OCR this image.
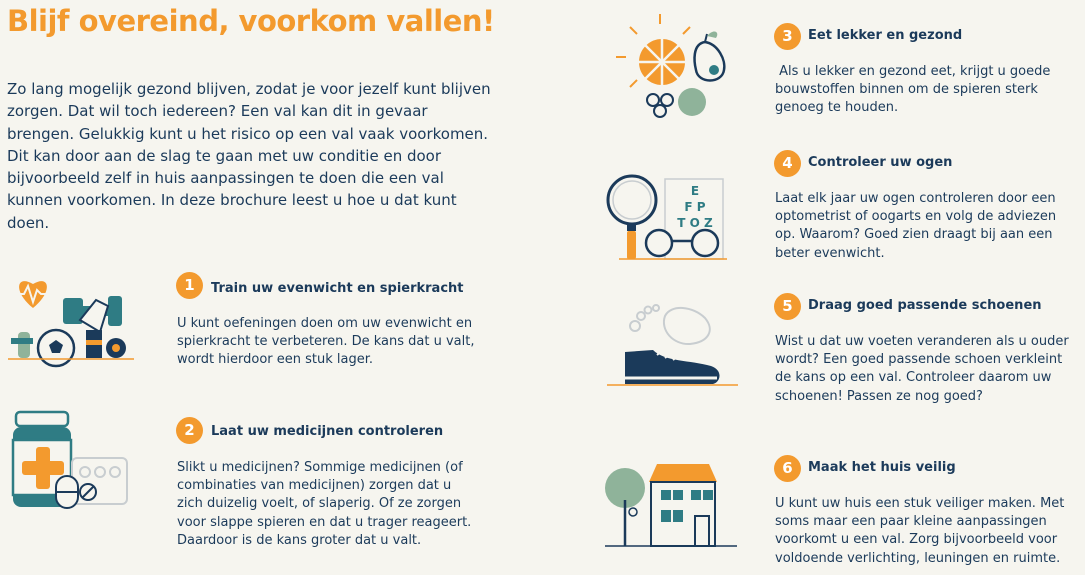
Blijf overeind, voorkom vallen!

Zo lang mogelijk gezond blijven, zodat je voor jezelf kunt blijven zorgen. Dat wil toch iedereen? Een val kan dit in gevaar brengen. Gelukkig kunt u het risico op een val vaak voorkomen. Dit kan door aan de slag te gaan met uw conditie en door bijvoorbeeld zelf in huis aanpassingen te doen die een val kunnen voorkomen. In deze brochure leest u hoe u dat kunt doen.

1	Train uw evenwicht en spierkracht

U kunt oefeningen doen om uw evenwicht en spierkracht te verbeteren. De kans dat u valt, wordt hierdoor een stuk lager.

2	Laat uw medicijnen controleren

Slikt u medicijnen? Sommige medicijnen (of combinaties van medicijnen) zorgen dat u zich duizelig voelt, of slaperig. Of ze zorgen voor slappe spieren en dat u trager reageert. Daardoor is de kans groter dat u valt.

3	Eet lekker en gezond

Als u lekker en gezond eet, krijgt u goede bouwstoffen binnen om de spieren sterk genoeg te houden.

E
F P
T O Z
4	Controleer uw ogen

Laat elk jaar uw ogen controleren door een optometrist of oogarts en volg de adviezen op. Waarom? Goed zien draagt bij aan een beter evenwicht.

5	Draag goed passende schoenen

Wist u dat uw voeten veranderen als u ouder wordt? Een goed passende schoen verkleint de kans op een val. Controleer daarom uw schoenen! Passen ze nog goed?

6	Maak het huis veilig

U kunt uw huis een stuk veiliger maken. Met soms maar een paar kleine aanpassingen voorkomt u een val. Zorg bijvoorbeeld voor voldoende verlichting, leuningen en ruimte.
